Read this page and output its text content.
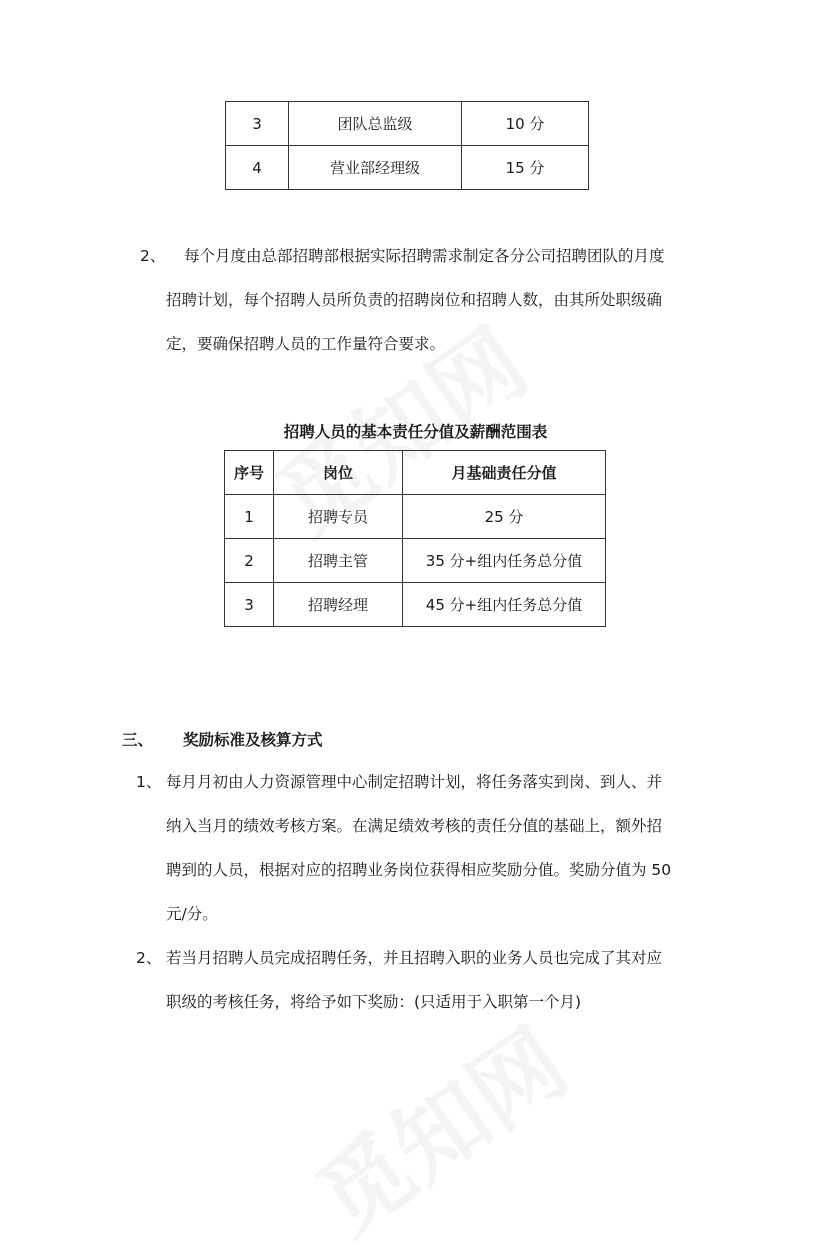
3	团队总监级	10 分
4	营业部经理级	15 分
2、 每个月度由总部招聘部根据实际招聘需求制定各分公司招聘团队的月度

招聘计划，每个招聘人员所负责的招聘岗位和招聘人数，由其所处职级确

定，要确保招聘人员的工作量符合要求。

招聘人员的基本责任分值及薪酬范围表
序号	岗位	月基础责任分值
1	招聘专员	25 分
2	招聘主管	35 分+组内任务总分值
3	招聘经理	45 分+组内任务总分值
三、 奖励标准及核算方式
1、 每月月初由人力资源管理中心制定招聘计划，将任务落实到岗、到人、并

纳入当月的绩效考核方案。在满足绩效考核的责任分值的基础上，额外招

聘到的人员，根据对应的招聘业务岗位获得相应奖励分值。奖励分值为 50

元/分。

2、 若当月招聘人员完成招聘任务，并且招聘入职的业务人员也完成了其对应

职级的考核任务，将给予如下奖励：(只适用于入职第一个月)
